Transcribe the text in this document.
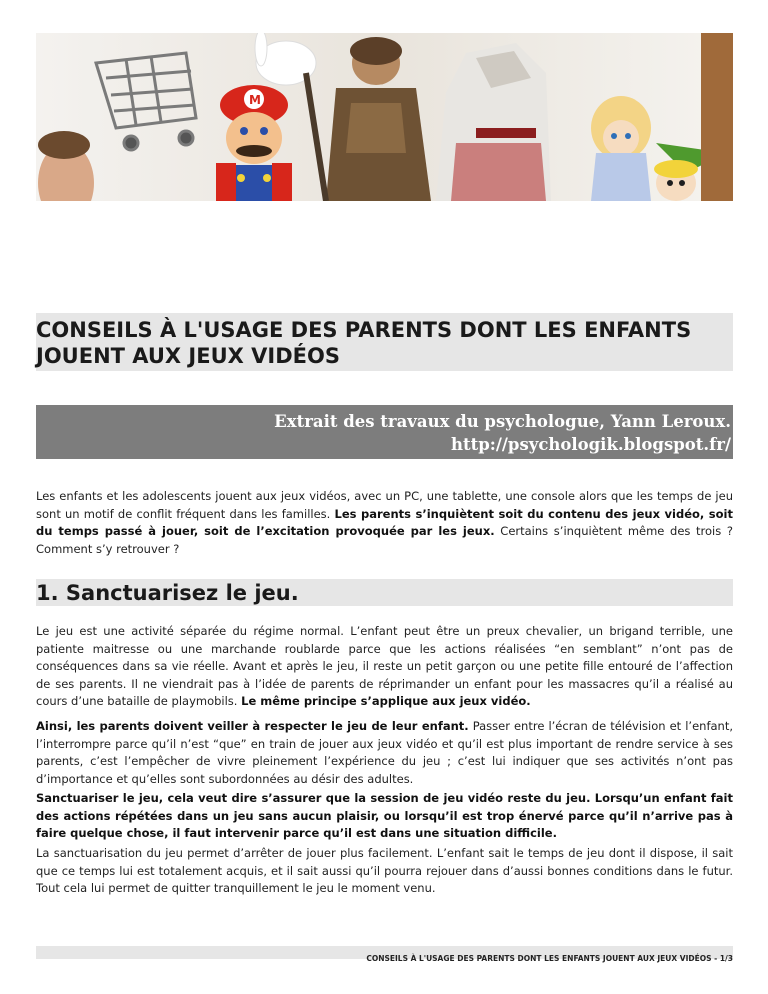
M
CONSEILS À L'USAGE DES PARENTS DONT LES ENFANTS
JOUENT AUX JEUX VIDÉOS
Extrait des travaux du psychologue, Yann Leroux.
http://psychologik.blogspot.fr/

Les enfants et les adolescents jouent aux jeux vidéos, avec un PC, une tablette, une console alors que les temps de jeu sont un motif de conflit fréquent dans les familles. Les parents s’inquiètent soit du contenu des jeux vidéo, soit du temps passé à jouer, soit de l’excitation provoquée par les jeux. Certains s’inquiètent même des trois ? Comment s’y retrouver ?

1. Sanctuarisez le jeu.

Le jeu est une activité séparée du régime normal. L’enfant peut être un preux chevalier, un brigand terrible, une patiente maitresse ou une marchande roublarde parce que les actions réalisées “en semblant” n’ont pas de conséquences dans sa vie réelle. Avant et après le jeu, il reste un petit garçon ou une petite fille entouré de l’affection de ses parents. Il ne viendrait pas à l’idée de parents de réprimander un enfant pour les massacres qu’il a réalisé au cours d’une bataille de playmobils. Le même principe s’applique aux jeux vidéo.

Ainsi, les parents doivent veiller à respecter le jeu de leur enfant. Passer entre l’écran de télévision et l’enfant, l’interrompre parce qu’il n’est “que” en train de jouer aux jeux vidéo et qu’il est plus important de rendre service à ses parents, c’est l’empêcher de vivre pleinement l’expérience du jeu ; c’est lui indiquer que ses activités n’ont pas d’importance et qu’elles sont subordonnées au désir des adultes.

Sanctuariser le jeu, cela veut dire s’assurer que la session de jeu vidéo reste du jeu. Lorsqu’un enfant fait des actions répétées dans un jeu sans aucun plaisir, ou lorsqu’il est trop énervé parce qu’il n’arrive pas à faire quelque chose, il faut intervenir parce qu’il est dans une situation difficile.

La sanctuarisation du jeu permet d’arrêter de jouer plus facilement. L’enfant sait le temps de jeu dont il dispose, il sait que ce temps lui est totalement acquis, et il sait aussi qu’il pourra rejouer dans d’aussi bonnes conditions dans le futur. Tout cela lui permet de quitter tranquillement le jeu le moment venu.

CONSEILS À L'USAGE DES PARENTS DONT LES ENFANTS JOUENT AUX JEUX VIDÉOS - 1/3
